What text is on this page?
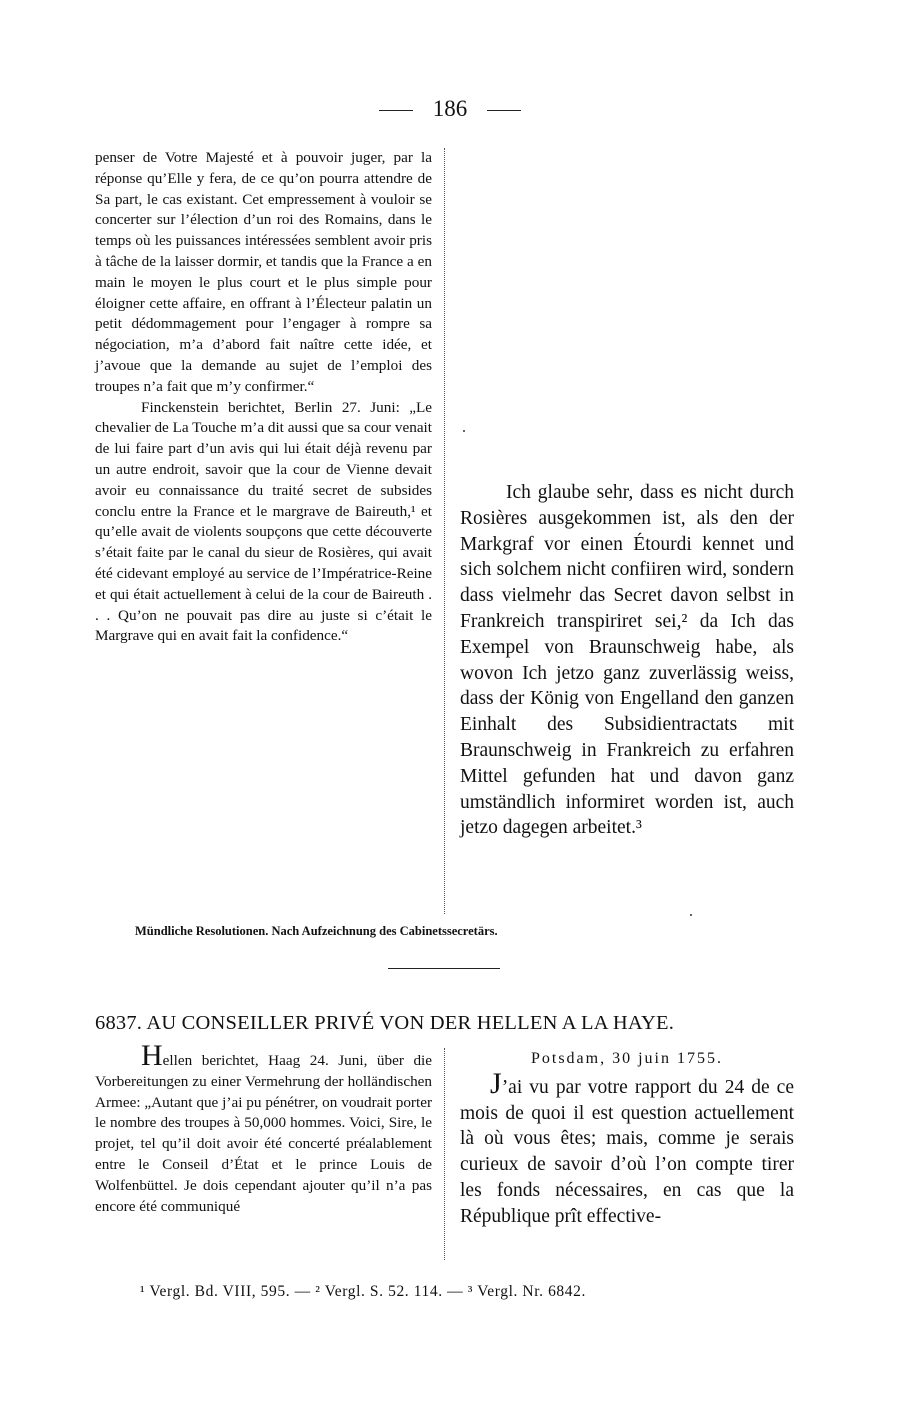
186

penser de Votre Majesté et à pouvoir juger, par la réponse qu’Elle y fera, de ce qu’on pourra attendre de Sa part, le cas existant. Cet empressement à vouloir se concerter sur l’élection d’un roi des Romains, dans le temps où les puissances intéressées semblent avoir pris à tâche de la laisser dormir, et tandis que la France a en main le moyen le plus court et le plus simple pour éloigner cette affaire, en offrant à l’Électeur palatin un petit dédommagement pour l’engager à rompre sa négociation, m’a d’abord fait naître cette idée, et j’avoue que la demande au sujet de l’emploi des troupes n’a fait que m’y confirmer.“

Finckenstein berichtet, Berlin 27. Juni: „Le chevalier de La Touche m’a dit aussi que sa cour venait de lui faire part d’un avis qui lui était déjà revenu par un autre endroit, savoir que la cour de Vienne devait avoir eu connaissance du traité secret de subsides conclu entre la France et le margrave de Baireuth,¹ et qu’elle avait de violents soupçons que cette découverte s’était faite par le canal du sieur de Rosières, qui avait été cidevant employé au service de l’Impératrice-Reine et qui était actuellement à celui de la cour de Baireuth . . . Qu’on ne pouvait pas dire au juste si c’était le Margrave qui en avait fait la confidence.“

Ich glaube sehr, dass es nicht durch Rosières ausgekommen ist, als den der Markgraf vor einen Étourdi kennet und sich solchem nicht confiiren wird, sondern dass vielmehr das Secret davon selbst in Frankreich transpiriret sei,² da Ich das Exempel von Braunschweig habe, als wovon Ich jetzo ganz zuverlässig weiss, dass der König von Engelland den ganzen Einhalt des Subsidientractats mit Braunschweig in Frankreich zu erfahren Mittel gefunden hat und davon ganz umständlich informiret worden ist, auch jetzo dagegen arbeitet.³

Mündliche Resolutionen. Nach Aufzeichnung des Cabinetssecretärs.
6837. AU CONSEILLER PRIVÉ VON DER HELLEN A LA HAYE.

Hellen berichtet, Haag 24. Juni, über die Vorbereitungen zu einer Vermehrung der holländischen Armee: „Autant que j’ai pu pénétrer, on voudrait porter le nombre des troupes à 50,000 hommes. Voici, Sire, le projet, tel qu’il doit avoir été concerté préalablement entre le Conseil d’État et le prince Louis de Wolfenbüttel. Je dois cependant ajouter qu’il n’a pas encore été communiqué

Potsdam, 30 juin 1755.

J’ai vu par votre rapport du 24 de ce mois de quoi il est question actuellement là où vous êtes; mais, comme je serais curieux de savoir d’où l’on compte tirer les fonds nécessaires, en cas que la République prît effective-

¹ Vergl. Bd. VIII, 595. — ² Vergl. S. 52. 114. — ³ Vergl. Nr. 6842.
